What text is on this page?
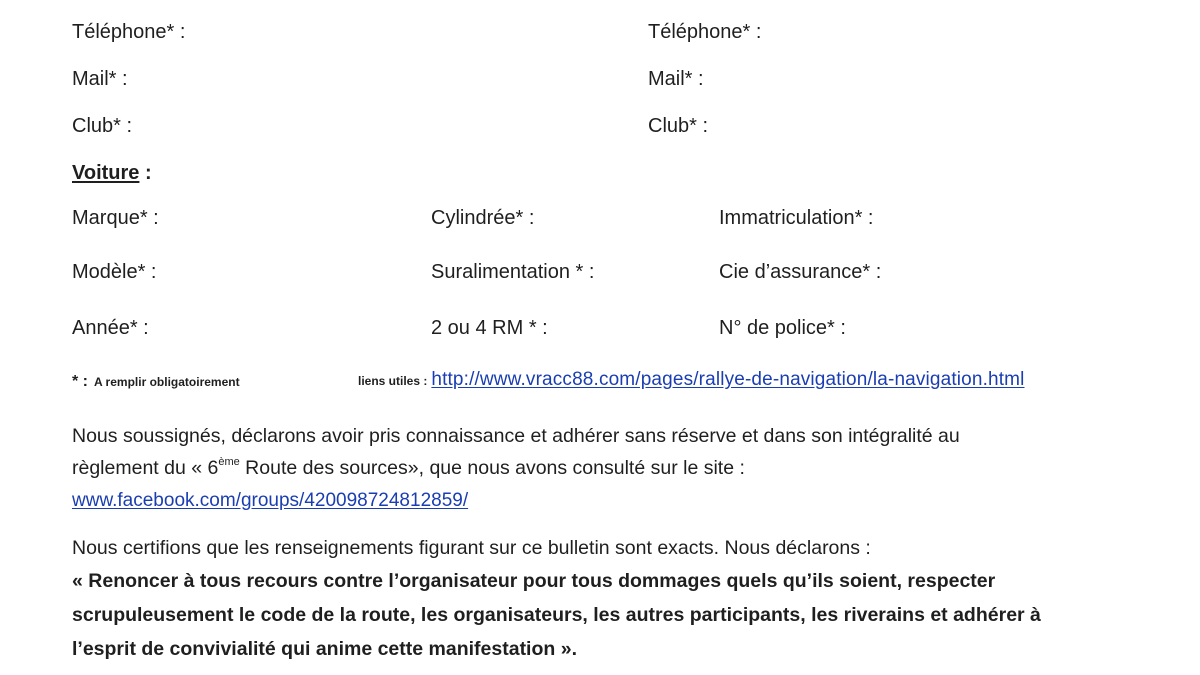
Téléphone* :
Mail* :
Club* :
Téléphone* :
Mail* :
Club* :
Voiture :
Marque* :
Modèle* :
Année* :
Cylindrée* :
Suralimentation * :
2 ou 4 RM * :
Immatriculation* :
Cie d’assurance* :
N° de police* :
* : A remplir obligatoirement	liens utiles : http://www.vracc88.com/pages/rallye-de-navigation/la-navigation.html
Nous soussignés, déclarons avoir pris connaissance et adhérer sans réserve et dans son intégralité au
règlement du « 6ème Route des sources», que nous avons consulté sur le site :
www.facebook.com/groups/420098724812859/
Nous certifions que les renseignements figurant sur ce bulletin sont exacts. Nous déclarons :
« Renoncer à tous recours contre l’organisateur pour tous dommages quels qu’ils soient, respecter
scrupuleusement le code de la route, les organisateurs, les autres participants, les riverains et adhérer à
l’esprit de convivialité qui anime cette manifestation ».
